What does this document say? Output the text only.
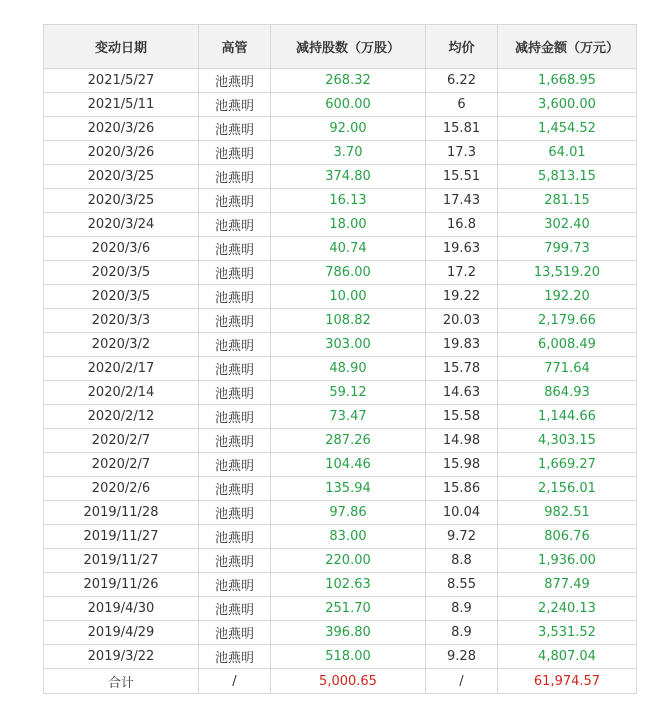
变动日期	高管	减持股数（万股）	均价	减持金额（万元）
2021/5/27	池燕明	268.32	6.22	1,668.95
2021/5/11	池燕明	600.00	6	3,600.00
2020/3/26	池燕明	92.00	15.81	1,454.52
2020/3/26	池燕明	3.70	17.3	64.01
2020/3/25	池燕明	374.80	15.51	5,813.15
2020/3/25	池燕明	16.13	17.43	281.15
2020/3/24	池燕明	18.00	16.8	302.40
2020/3/6	池燕明	40.74	19.63	799.73
2020/3/5	池燕明	786.00	17.2	13,519.20
2020/3/5	池燕明	10.00	19.22	192.20
2020/3/3	池燕明	108.82	20.03	2,179.66
2020/3/2	池燕明	303.00	19.83	6,008.49
2020/2/17	池燕明	48.90	15.78	771.64
2020/2/14	池燕明	59.12	14.63	864.93
2020/2/12	池燕明	73.47	15.58	1,144.66
2020/2/7	池燕明	287.26	14.98	4,303.15
2020/2/7	池燕明	104.46	15.98	1,669.27
2020/2/6	池燕明	135.94	15.86	2,156.01
2019/11/28	池燕明	97.86	10.04	982.51
2019/11/27	池燕明	83.00	9.72	806.76
2019/11/27	池燕明	220.00	8.8	1,936.00
2019/11/26	池燕明	102.63	8.55	877.49
2019/4/30	池燕明	251.70	8.9	2,240.13
2019/4/29	池燕明	396.80	8.9	3,531.52
2019/3/22	池燕明	518.00	9.28	4,807.04
合计	/	5,000.65	/	61,974.57
